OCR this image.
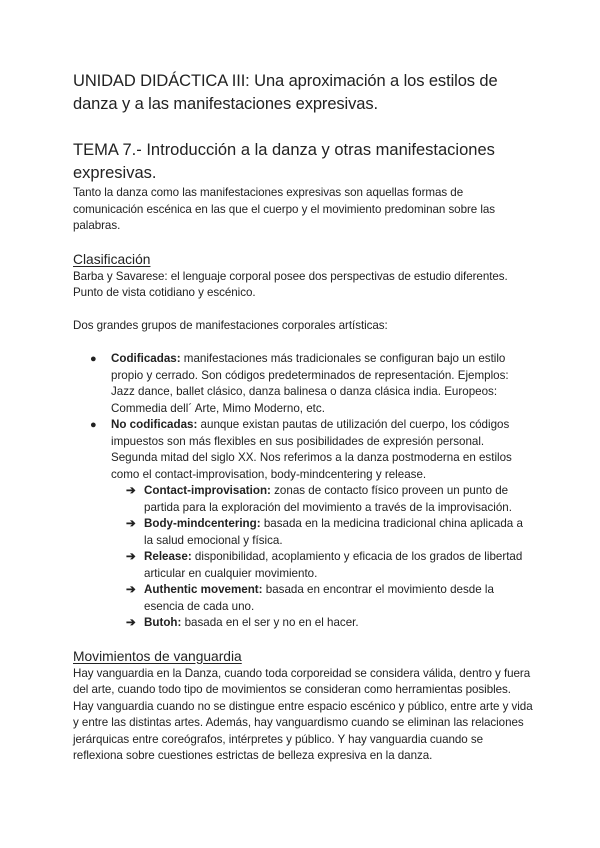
UNIDAD DIDÁCTICA III: Una aproximación a los estilos de danza y a las manifestaciones expresivas.
TEMA 7.- Introducción a la danza y otras manifestaciones expresivas.

Tanto la danza como las manifestaciones expresivas son aquellas formas de comunicación escénica en las que el cuerpo y el movimiento predominan sobre las palabras.

Clasificación

Barba y Savarese: el lenguaje corporal posee dos perspectivas de estudio diferentes. Punto de vista cotidiano y escénico.

Dos grandes grupos de manifestaciones corporales artísticas:

● Codificadas: manifestaciones más tradicionales se configuran bajo un estilo propio y cerrado. Son códigos predeterminados de representación. Ejemplos: Jazz dance, ballet clásico, danza balinesa o danza clásica india. Europeos: Commedia dell´ Arte, Mimo Moderno, etc.
● No codificadas: aunque existan pautas de utilización del cuerpo, los códigos impuestos son más flexibles en sus posibilidades de expresión personal. Segunda mitad del siglo XX. Nos referimos a la danza postmoderna en estilos como el contact-improvisation, body-mindcentering y release.
➔ Contact-improvisation: zonas de contacto físico proveen un punto de partida para la exploración del movimiento a través de la improvisación.
➔ Body-mindcentering: basada en la medicina tradicional china aplicada a la salud emocional y física.
➔ Release: disponibilidad, acoplamiento y eficacia de los grados de libertad articular en cualquier movimiento.
➔ Authentic movement: basada en encontrar el movimiento desde la esencia de cada uno.
➔ Butoh: basada en el ser y no en el hacer.
Movimientos de vanguardia

Hay vanguardia en la Danza, cuando toda corporeidad se considera válida, dentro y fuera del arte, cuando todo tipo de movimientos se consideran como herramientas posibles. Hay vanguardia cuando no se distingue entre espacio escénico y público, entre arte y vida y entre las distintas artes. Además, hay vanguardismo cuando se eliminan las relaciones jerárquicas entre coreógrafos, intérpretes y público. Y hay vanguardia cuando se reflexiona sobre cuestiones estrictas de belleza expresiva en la danza.
